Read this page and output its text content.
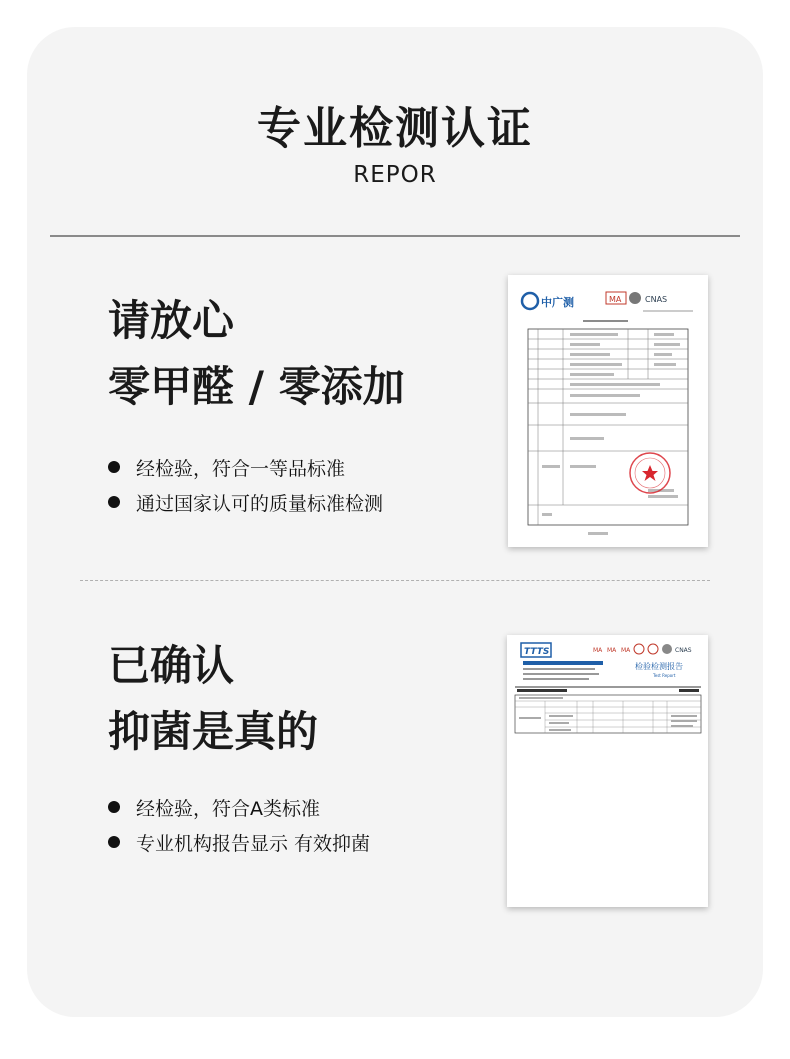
专业检测认证
REPOR
请放心
零甲醛 / 零添加
经检验，符合一等品标准
通过国家认可的质量标准检测
中广测	MA	CNAS
已确认
抑菌是真的
经检验，符合A类标准
专业机构报告显示 有效抑菌
TTTS	MA MA MA	CNAS
检验检测报告
Test Report
